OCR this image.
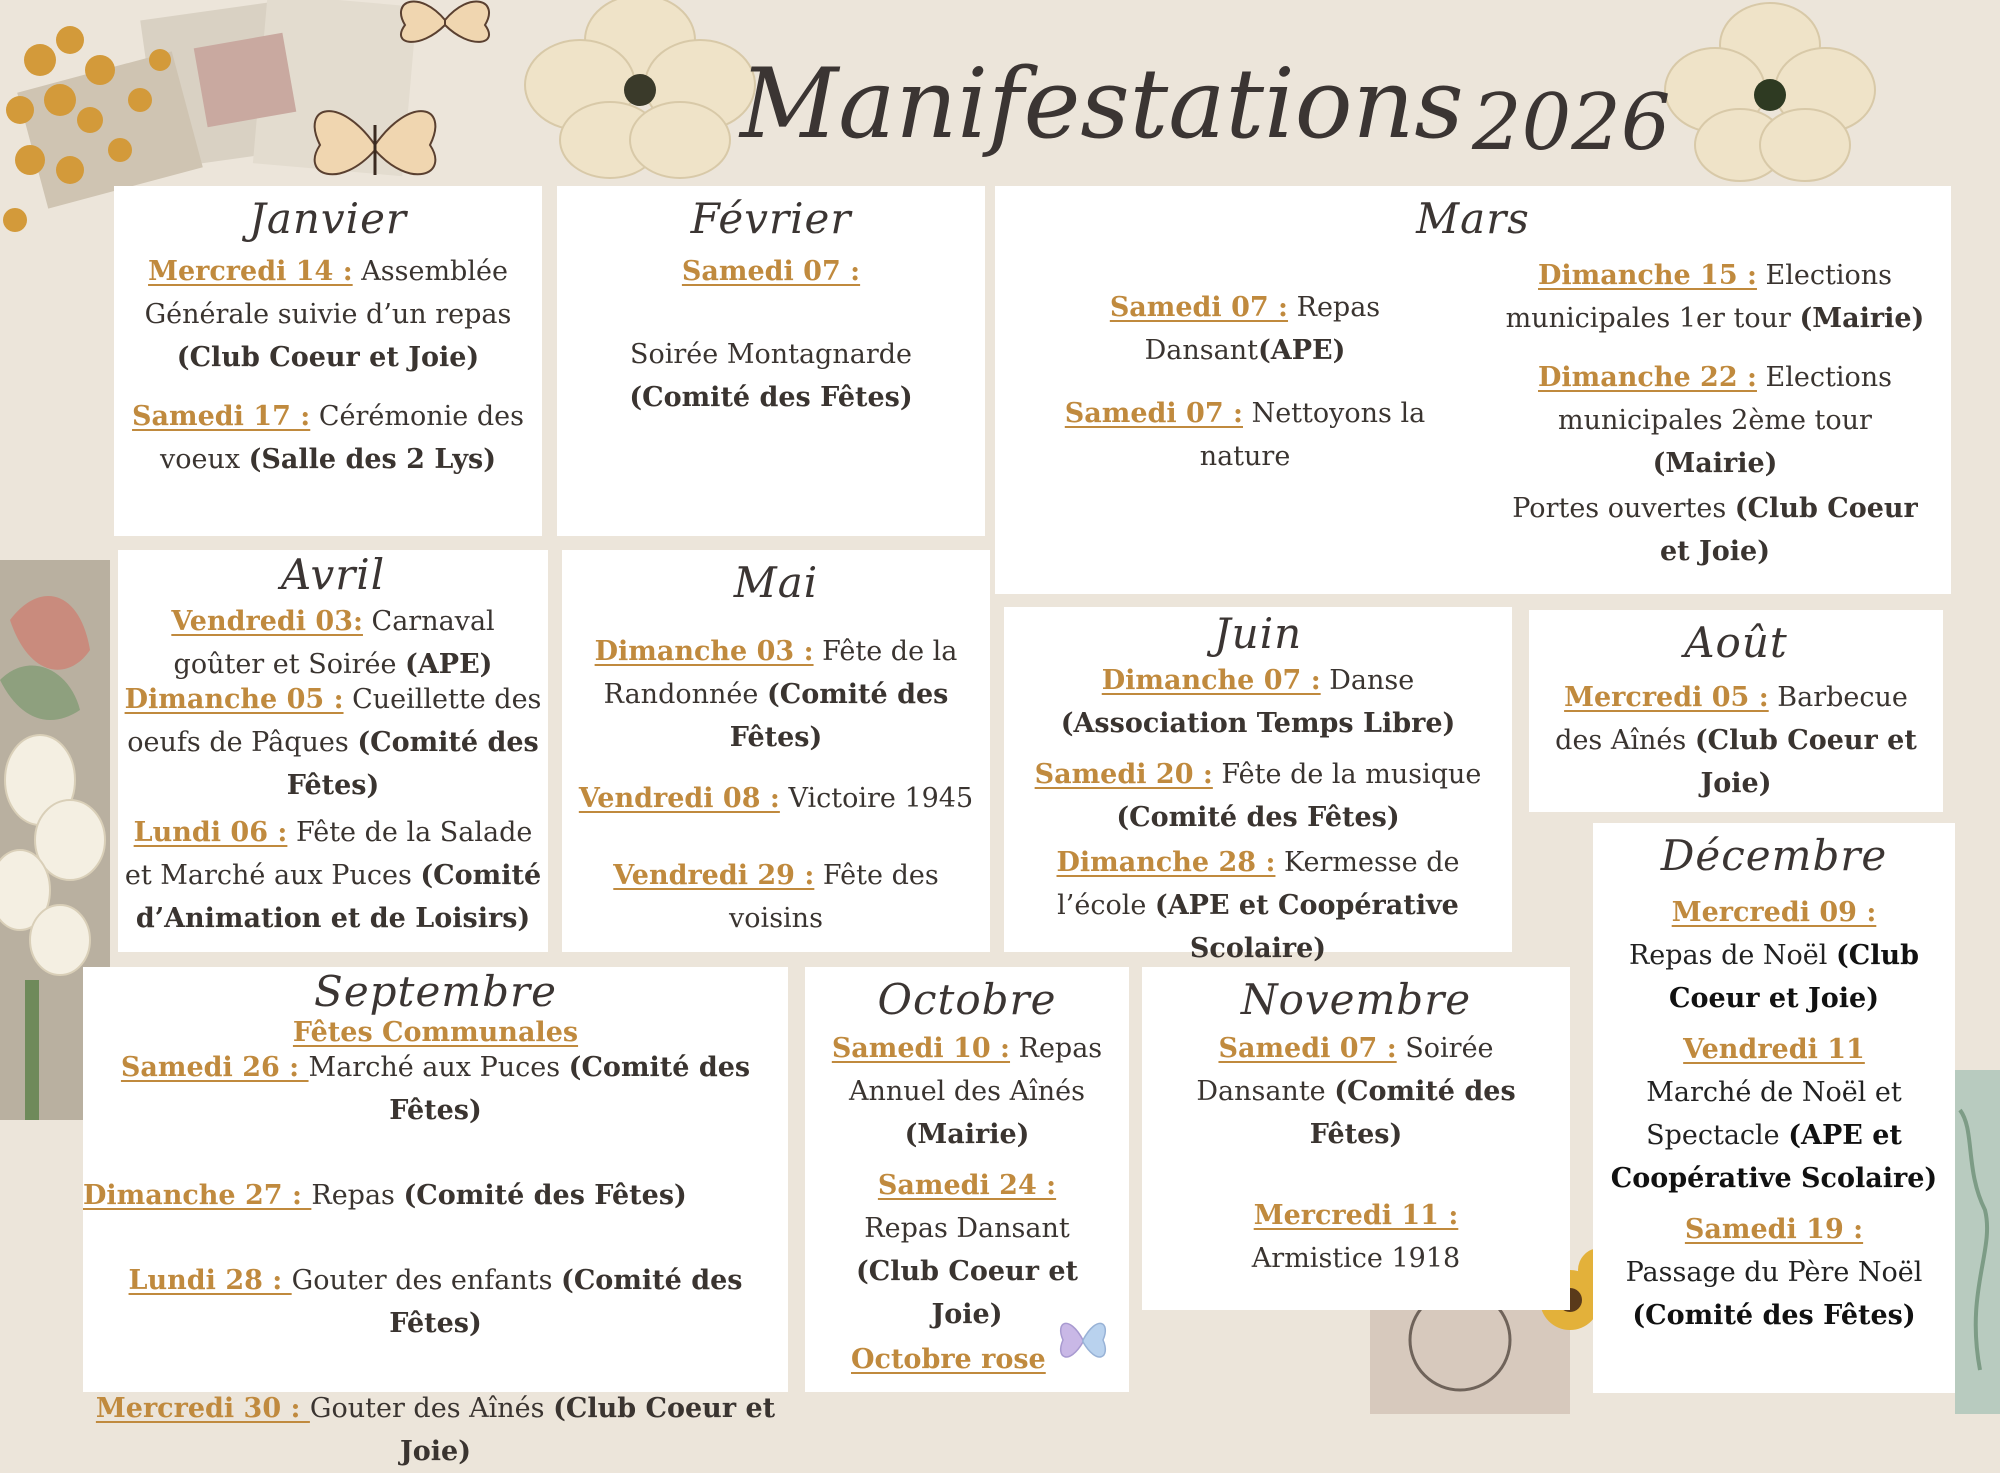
Manifestations 2026
Janvier
Mercredi 14 : Assemblée Générale suivie d’un repas (Club Coeur et Joie)
Samedi 17 : Cérémonie des voeux (Salle des 2 Lys)
Février
Samedi 07 :
Soirée Montagnarde (Comité des Fêtes)
Mars
Samedi 07 : Repas Dansant(APE)
Samedi 07 : Nettoyons la nature
Dimanche 15 : Elections municipales 1er tour (Mairie)
Dimanche 22 : Elections municipales 2ème tour (Mairie)
Portes ouvertes (Club Coeur et Joie)
Avril
Vendredi 03: Carnaval goûter et Soirée (APE)
Dimanche 05 : Cueillette des oeufs de Pâques (Comité des Fêtes)
Lundi 06 : Fête de la Salade et Marché aux Puces (Comité d’Animation et de Loisirs)
Mai
Dimanche 03 : Fête de la Randonnée (Comité des Fêtes)
Vendredi 08 : Victoire 1945
Vendredi 29 : Fête des voisins
Juin
Dimanche 07 : Danse (Association Temps Libre)
Samedi 20 : Fête de la musique (Comité des Fêtes)
Dimanche 28 : Kermesse de l’école (APE et Coopérative Scolaire)
Août
Mercredi 05 : Barbecue des Aînés (Club Coeur et Joie)
Décembre
Mercredi 09 :
Repas de Noël (Club Coeur et Joie)
Vendredi 11
Marché de Noël et Spectacle (APE et Coopérative Scolaire)
Samedi 19 :
Passage du Père Noël (Comité des Fêtes)
Septembre
Fêtes Communales
Samedi 26 : Marché aux Puces (Comité des Fêtes)
Dimanche 27 : Repas (Comité des Fêtes)
Lundi 28 : Gouter des enfants (Comité des Fêtes)
Mercredi 30 : Gouter des Aînés (Club Coeur et Joie)
Octobre
Samedi 10 : Repas Annuel des Aînés (Mairie)
Samedi 24 : Repas Dansant (Club Coeur et Joie)
Octobre rose
Novembre
Samedi 07 : Soirée Dansante (Comité des Fêtes)
Mercredi 11 : Armistice 1918
